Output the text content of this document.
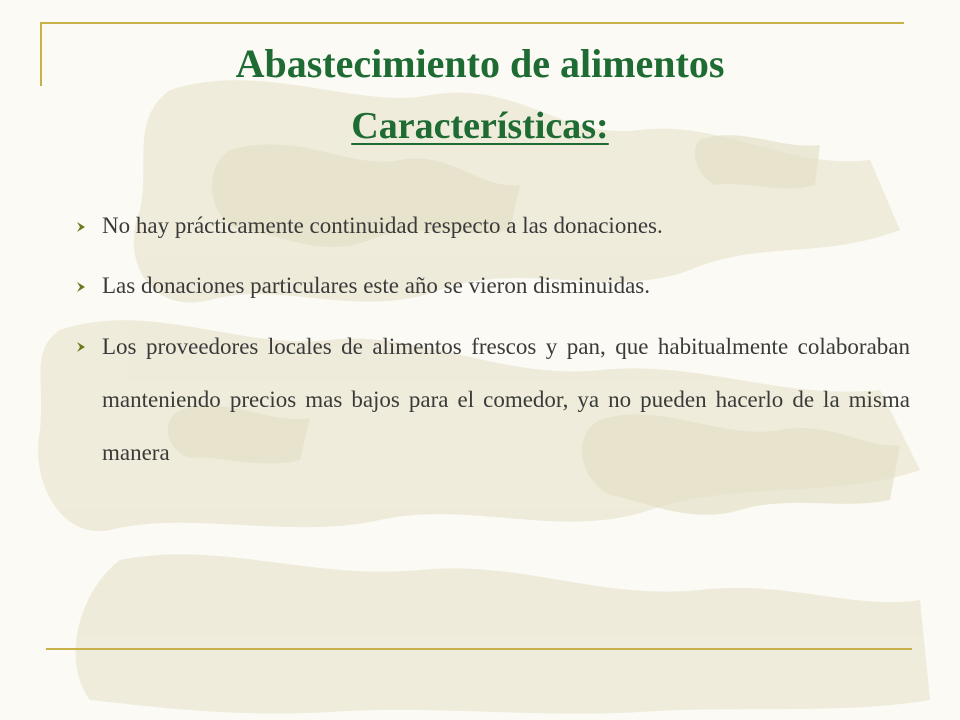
Abastecimiento de alimentos
Características:
No hay prácticamente continuidad respecto a las donaciones.
Las donaciones particulares este año se vieron disminuidas.
Los proveedores locales de alimentos frescos y pan, que habitualmente colaboraban manteniendo precios mas bajos para el comedor, ya no pueden hacerlo de la misma manera
